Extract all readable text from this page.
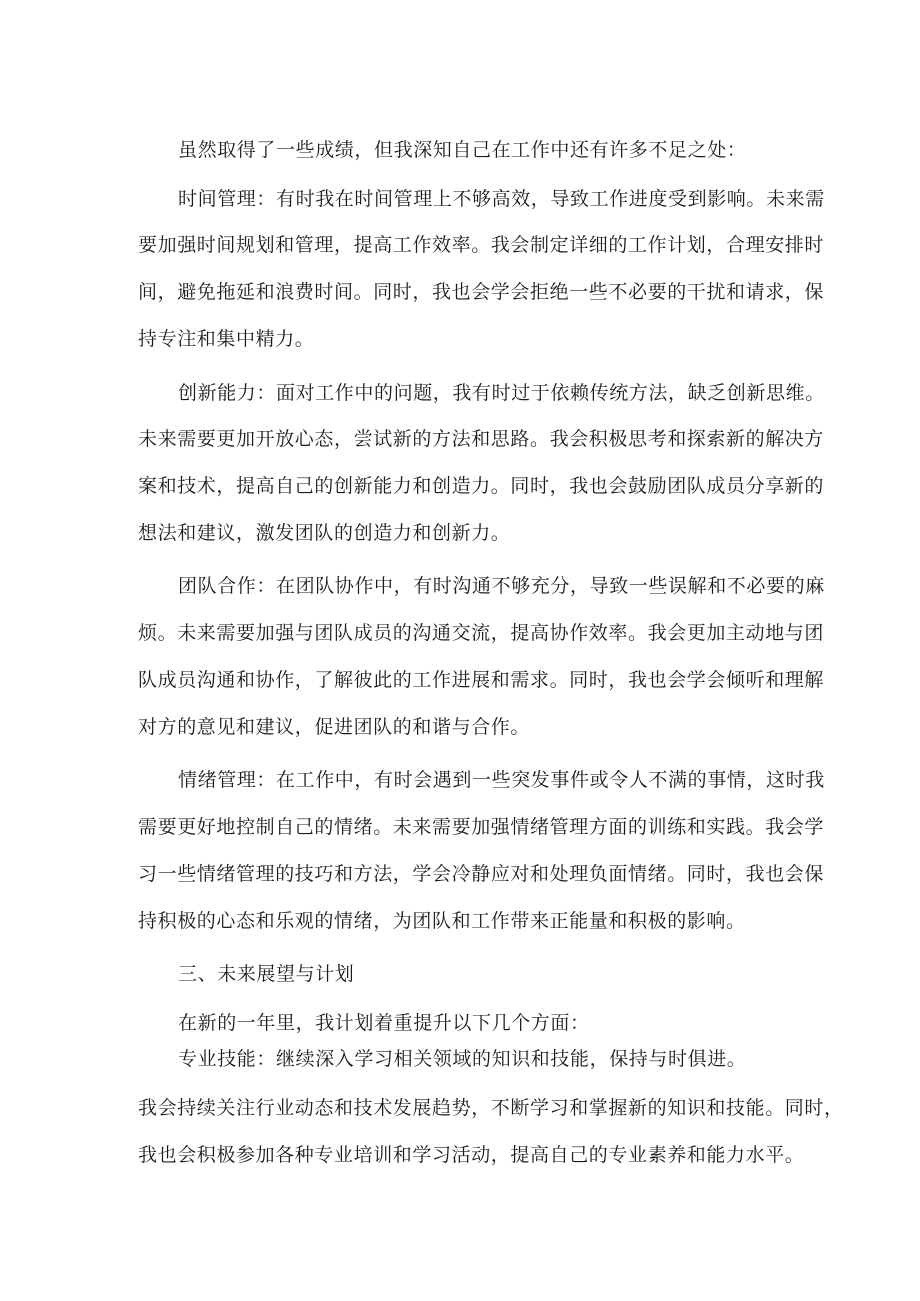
虽然取得了一些成绩，但我深知自己在工作中还有许多不足之处：
时间管理：有时我在时间管理上不够高效，导致工作进度受到影响。未来需
要加强时间规划和管理，提高工作效率。我会制定详细的工作计划，合理安排时
间，避免拖延和浪费时间。同时，我也会学会拒绝一些不必要的干扰和请求，保
持专注和集中精力。
创新能力：面对工作中的问题，我有时过于依赖传统方法，缺乏创新思维。
未来需要更加开放心态，尝试新的方法和思路。我会积极思考和探索新的解决方
案和技术，提高自己的创新能力和创造力。同时，我也会鼓励团队成员分享新的
想法和建议，激发团队的创造力和创新力。
团队合作：在团队协作中，有时沟通不够充分，导致一些误解和不必要的麻
烦。未来需要加强与团队成员的沟通交流，提高协作效率。我会更加主动地与团
队成员沟通和协作，了解彼此的工作进展和需求。同时，我也会学会倾听和理解
对方的意见和建议，促进团队的和谐与合作。
情绪管理：在工作中，有时会遇到一些突发事件或令人不满的事情，这时我
需要更好地控制自己的情绪。未来需要加强情绪管理方面的训练和实践。我会学
习一些情绪管理的技巧和方法，学会冷静应对和处理负面情绪。同时，我也会保
持积极的心态和乐观的情绪，为团队和工作带来正能量和积极的影响。
三、未来展望与计划
在新的一年里，我计划着重提升以下几个方面：
专业技能：继续深入学习相关领域的知识和技能，保持与时俱进。
我会持续关注行业动态和技术发展趋势，不断学习和掌握新的知识和技能。同时，
我也会积极参加各种专业培训和学习活动，提高自己的专业素养和能力水平。
